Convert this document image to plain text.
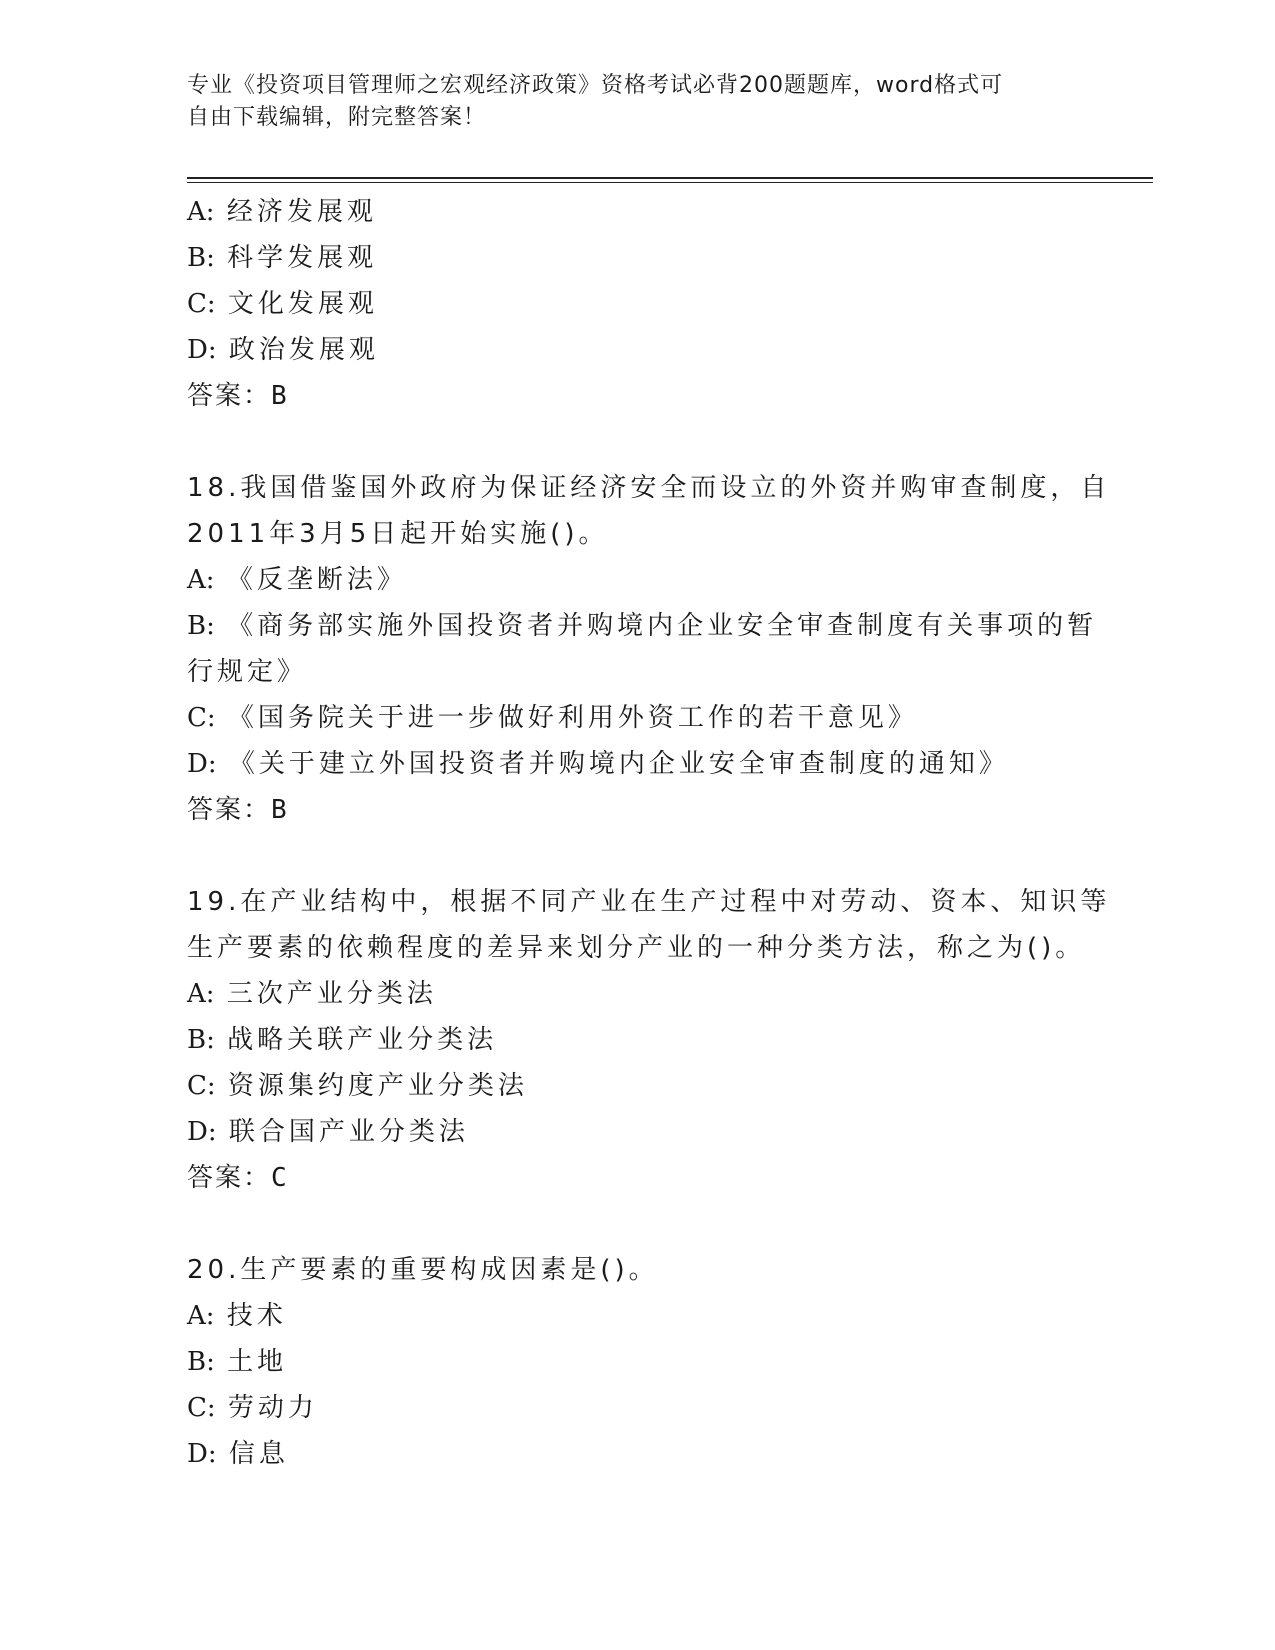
专业《投资项目管理师之宏观经济政策》资格考试必背200题题库，word格式可
自由下载编辑，附完整答案！
A: 经济发展观
B: 科学发展观
C: 文化发展观
D: 政治发展观
答案：B
18.我国借鉴国外政府为保证经济安全而设立的外资并购审查制度，自
2011年3月5日起开始实施()。
A: 《反垄断法》
B: 《商务部实施外国投资者并购境内企业安全审查制度有关事项的暂
行规定》
C: 《国务院关于进一步做好利用外资工作的若干意见》
D: 《关于建立外国投资者并购境内企业安全审查制度的通知》
答案：B
19.在产业结构中，根据不同产业在生产过程中对劳动、资本、知识等
生产要素的依赖程度的差异来划分产业的一种分类方法，称之为()。
A: 三次产业分类法
B: 战略关联产业分类法
C: 资源集约度产业分类法
D: 联合国产业分类法
答案：C
20.生产要素的重要构成因素是()。
A: 技术
B: 土地
C: 劳动力
D: 信息
